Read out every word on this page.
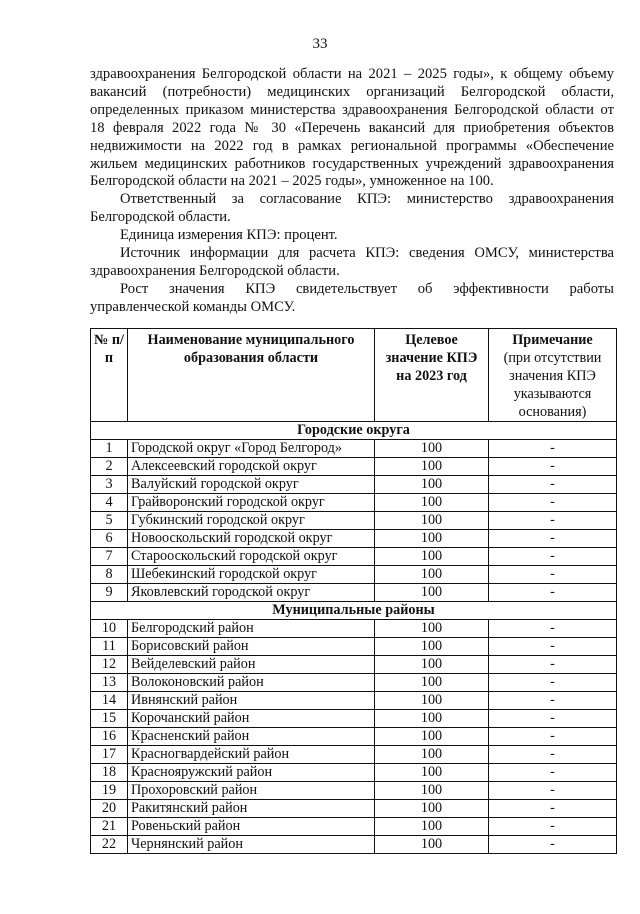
33

здравоохранения Белгородской области на 2021 – 2025 годы», к общему объему вакансий (потребности) медицинских организаций Белгородской области, определенных приказом министерства здравоохранения Белгородской области от 18 февраля 2022 года № 30 «Перечень вакансий для приобретения объектов недвижимости на 2022 год в рамках региональной программы «Обеспечение жильем медицинских работников государственных учреждений здравоохранения Белгородской области на 2021 – 2025 годы», умноженное на 100.

Ответственный за согласование КПЭ: министерство здравоохранения Белгородской области.

Единица измерения КПЭ: процент.

Источник информации для расчета КПЭ: сведения ОМСУ, министерства здравоохранения Белгородской области.

Рост значения КПЭ свидетельствует об эффективности работы управленческой команды ОМСУ.

№ п/п	Наименование муниципального образования области	Целевое значение КПЭ на 2023 год	Примечание
(при отсутствии значения КПЭ указываются основания)
Городские округа			
1	Городской округ «Город Белгород»	100	-
2	Алексеевский городской округ	100	-
3	Валуйский городской округ	100	-
4	Грайворонский городской округ	100	-
5	Губкинский городской округ	100	-
6	Новооскольский городской округ	100	-
7	Старооскольский городской округ	100	-
8	Шебекинский городской округ	100	-
9	Яковлевский городской округ	100	-
Муниципальные районы			
10	Белгородский район	100	-
11	Борисовский район	100	-
12	Вейделевский район	100	-
13	Волоконовский район	100	-
14	Ивнянский район	100	-
15	Корочанский район	100	-
16	Красненский район	100	-
17	Красногвардейский район	100	-
18	Краснояружский район	100	-
19	Прохоровский район	100	-
20	Ракитянский район	100	-
21	Ровеньский район	100	-
22	Чернянский район	100	-
